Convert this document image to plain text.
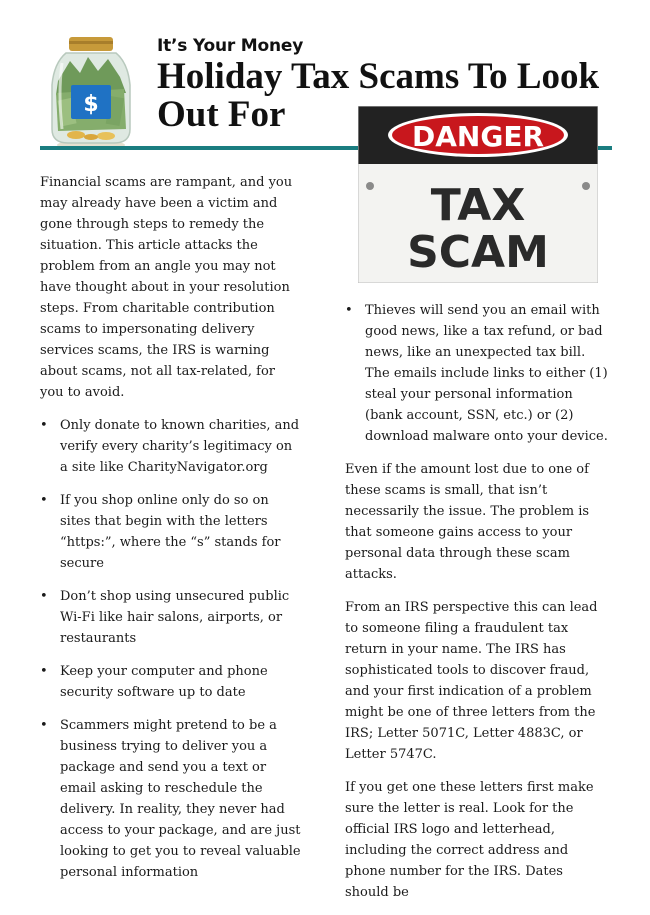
$
It’s Your Money
Holiday Tax Scams To Look Out For
DANGER
TAX
SCAM

Financial scams are rampant, and you may already have been a victim and gone through steps to remedy the situation. This article attacks the problem from an angle you may not have thought about in your resolution steps. From charitable contribution scams to impersonating delivery services scams, the IRS is warning about scams, not all tax-related, for you to avoid.

• Only donate to known charities, and verify every charity’s legitimacy on a site like CharityNavigator.org
• If you shop online only do so on sites that begin with the letters “https:”, where the “s” stands for secure
• Don’t shop using unsecured public Wi-Fi like hair salons, airports, or restaurants
• Keep your computer and phone security software up to date
• Scammers might pretend to be a business trying to deliver you a package and send you a text or email asking to reschedule the delivery. In reality, they never had access to your package, and are just looking to get you to reveal valuable personal information
• Thieves will send you an email with good news, like a tax refund, or bad news, like an unexpected tax bill. The emails include links to either (1) steal your personal information (bank account, SSN, etc.) or (2) download malware onto your device.

Even if the amount lost due to one of these scams is small, that isn’t necessarily the issue. The problem is that someone gains access to your personal data through these scam attacks.

From an IRS perspective this can lead to someone filing a fraudulent tax return in your name. The IRS has sophisticated tools to discover fraud, and your first indication of a problem might be one of three letters from the IRS; Letter 5071C, Letter 4883C, or Letter 5747C.

If you get one these letters first make sure the letter is real. Look for the official IRS logo and letterhead, including the correct address and phone number for the IRS. Dates should be
